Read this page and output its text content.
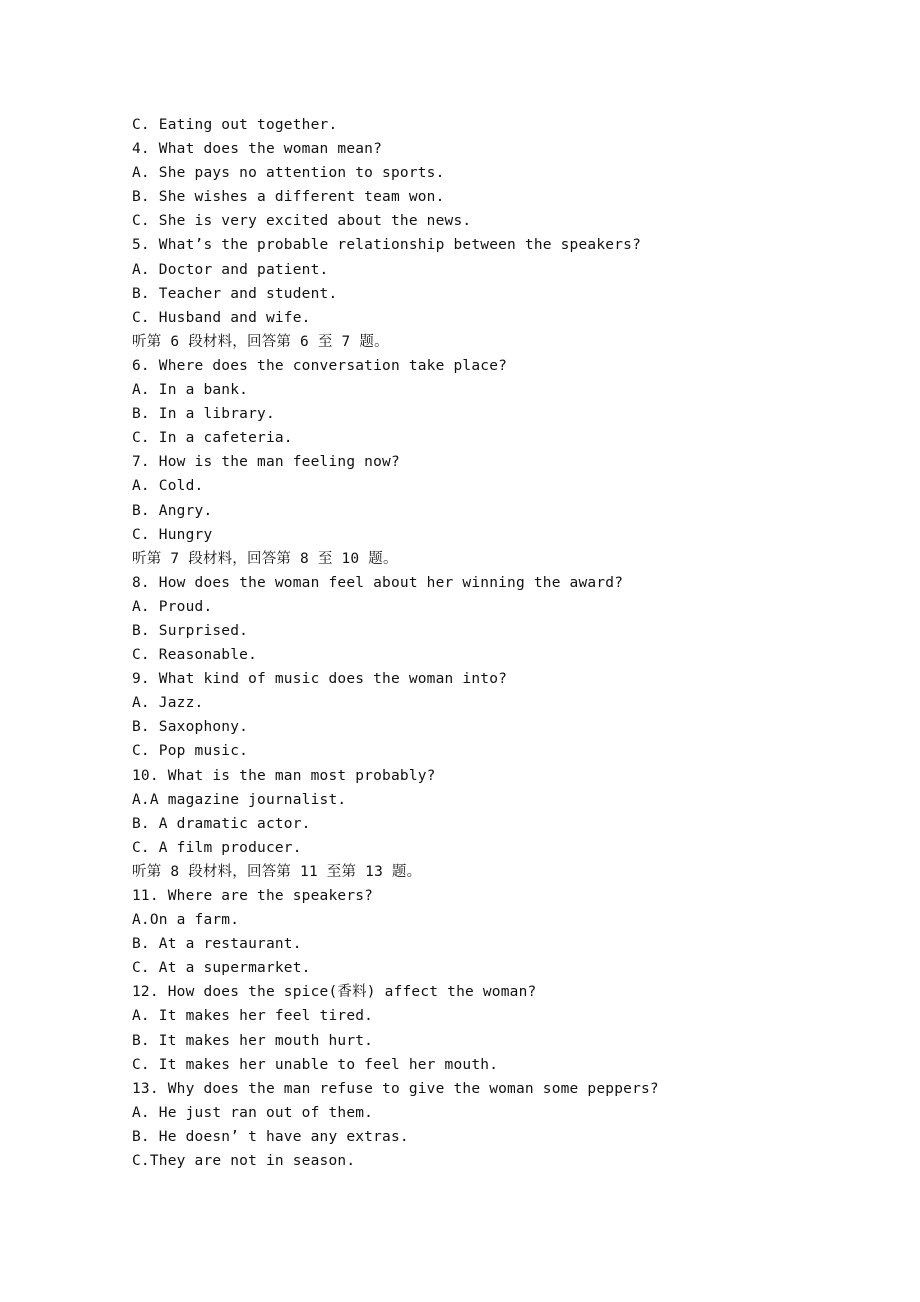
C. Eating out together.
4. What does the woman mean?
A. She pays no attention to sports.
B. She wishes a different team won.
C. She is very excited about the news.
5. What’s the probable relationship between the speakers?
A. Doctor and patient.
B. Teacher and student.
C. Husband and wife.
听第 6 段材料，回答第 6 至 7 题。
6. Where does the conversation take place?
A. In a bank.
B. In a library.
C. In a cafeteria.
7. How is the man feeling now?
A. Cold.
B. Angry.
C. Hungry
听第 7 段材料，回答第 8 至 10 题。
8. How does the woman feel about her winning the award?
A. Proud.
B. Surprised.
C. Reasonable.
9. What kind of music does the woman into?
A. Jazz.
B. Saxophony.
C. Pop music.
10. What is the man most probably?
A.A magazine journalist.
B. A dramatic actor.
C. A film producer.
听第 8 段材料，回答第 11 至第 13 题。
11. Where are the speakers?
A.On a farm.
B. At a restaurant.
C. At a supermarket.
12. How does the spice(香料) affect the woman?
A. It makes her feel tired.
B. It makes her mouth hurt.
C. It makes her unable to feel her mouth.
13. Why does the man refuse to give the woman some peppers?
A. He just ran out of them.
B. He doesn’ t have any extras.
C.They are not in season.
